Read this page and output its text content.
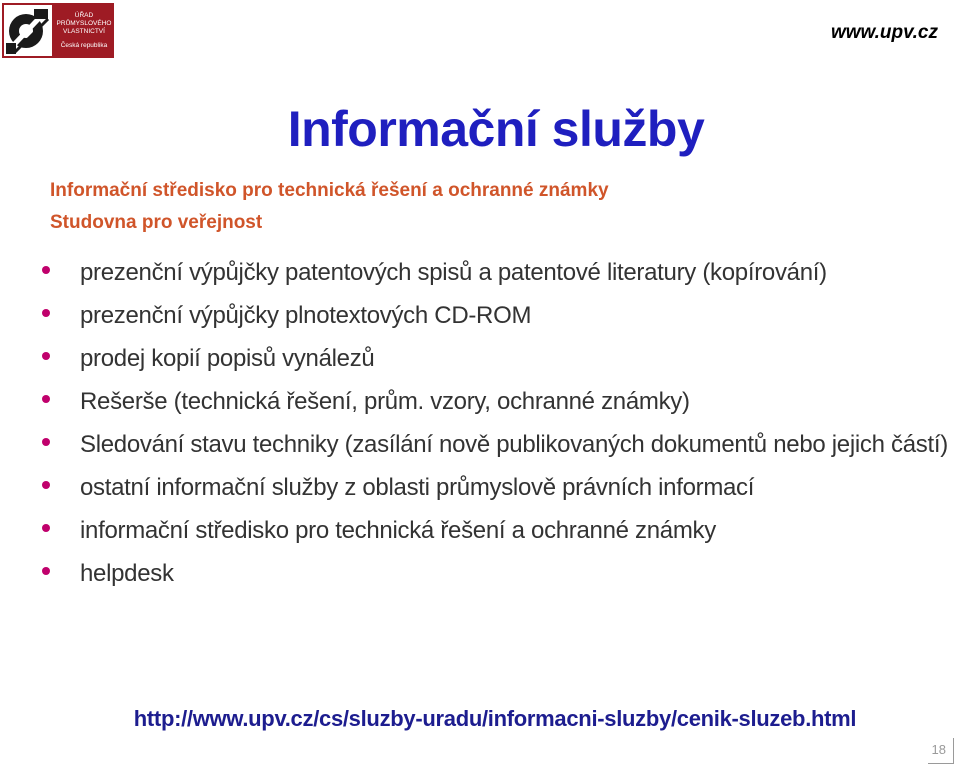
ÚŘAD
PRŮMYSLOVÉHO
VLASTNICTVÍ
Česká republika
www.upv.cz
Informační služby
Informační středisko pro technická řešení a ochranné známky
Studovna pro veřejnost
prezenční výpůjčky patentových spisů a patentové literatury (kopírování)
prezenční výpůjčky plnotextových CD-ROM
prodej kopií popisů vynálezů
Rešerše (technická řešení, prům. vzory, ochranné známky)
Sledování stavu techniky (zasílání nově publikovaných dokumentů nebo jejich částí)
ostatní informační služby z oblasti průmyslově právních informací
informační středisko pro technická řešení a ochranné známky
helpdesk
http://www.upv.cz/cs/sluzby-uradu/informacni-sluzby/cenik-sluzeb.html
18
